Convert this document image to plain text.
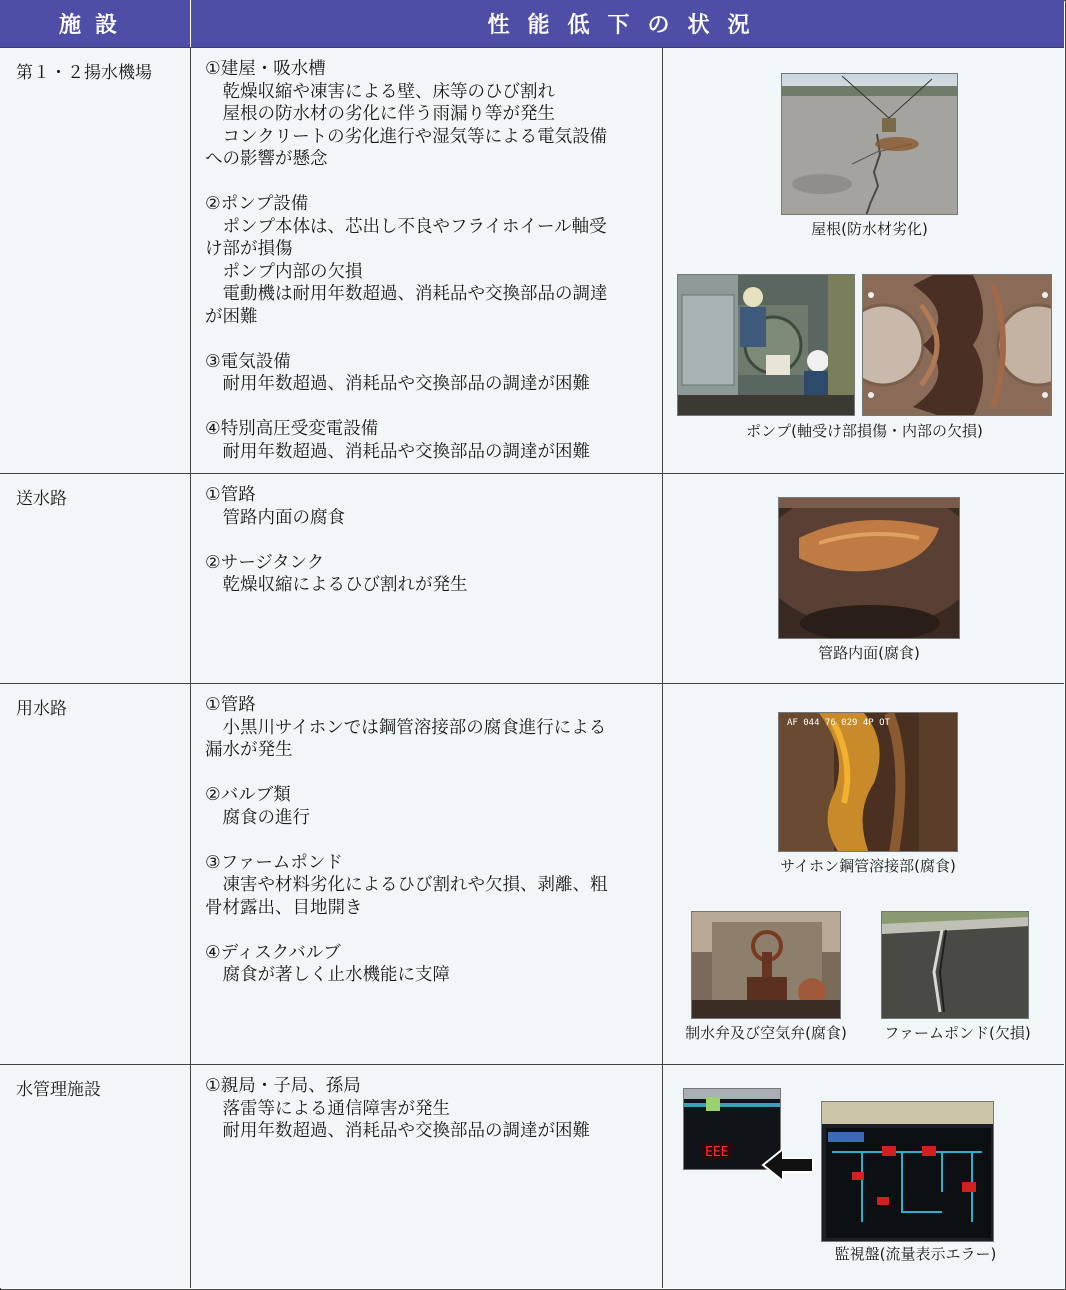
施設	性能低下の状況
第１・２揚水機場	①建屋・吸水槽
乾燥収縮や凍害による壁、床等のひび割れ
屋根の防水材の劣化に伴う雨漏り等が発生
コンクリートの劣化進行や湿気等による電気設備
への影響が懸念
②ポンプ設備
ポンプ本体は、芯出し不良やフライホイール軸受
け部が損傷
ポンプ内部の欠損
電動機は耐用年数超過、消耗品や交換部品の調達
が困難
③電気設備
耐用年数超過、消耗品や交換部品の調達が困難
④特別高圧受変電設備
耐用年数超過、消耗品や交換部品の調達が困難
屋根(防水材劣化)
ポンプ(軸受け部損傷・内部の欠損)
送水路	①管路
管路内面の腐食
②サージタンク
乾燥収縮によるひび割れが発生
管路内面(腐食)
用水路	①管路
小黒川サイホンでは鋼管溶接部の腐食進行による
漏水が発生
②バルブ類
腐食の進行
③ファームポンド
凍害や材料劣化によるひび割れや欠損、剥離、粗
骨材露出、目地開き
④ディスクバルブ
腐食が著しく止水機能に支障
AF 044 76 029 4P OT
サイホン鋼管溶接部(腐食)
制水弁及び空気弁(腐食)	ファームポンド(欠損)
水管理施設	①親局・子局、孫局
落雷等による通信障害が発生
耐用年数超過、消耗品や交換部品の調達が困難
EEE
監視盤(流量表示エラー)
